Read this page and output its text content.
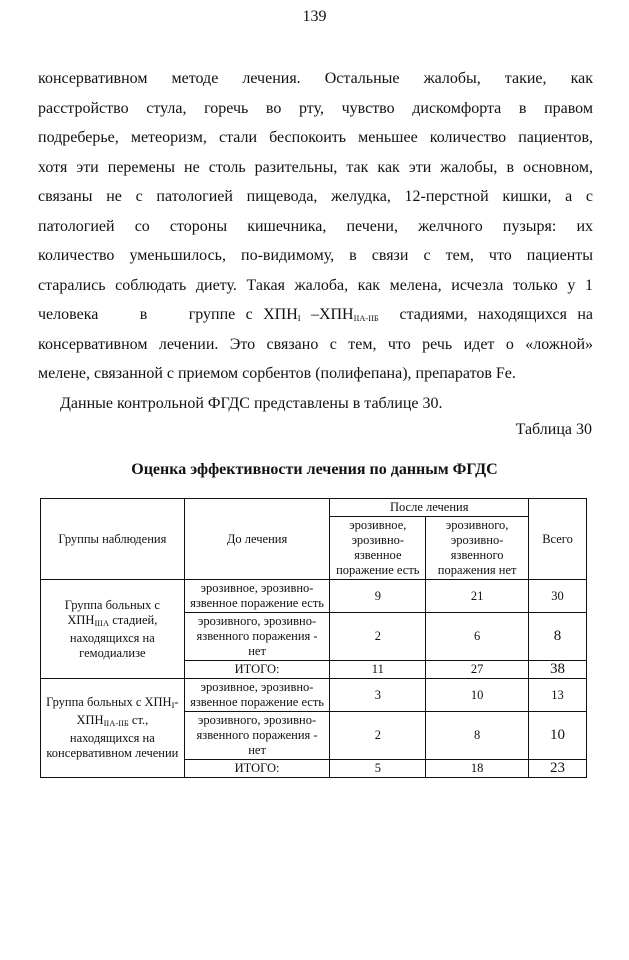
139
консервативном методе лечения. Остальные жалобы, такие, как
расстройство стула, горечь во рту, чувство дискомфорта в правом
подреберье, метеоризм, стали беспокоить меньшее количество пациентов,
хотя эти перемены не столь разительны, так как эти жалобы, в основном,
связаны не с патологией пищевода, желудка, 12-перстной кишки, а с
патологией со стороны кишечника, печени, желчного пузыря: их
количество уменьшилось, по-видимому, в связи с тем, что пациенты
старались соблюдать диету. Такая жалоба, как мелена, исчезла только у 1
человека    в    группе с $ХПН_I$ $-ХПН_{IIA-IIБ}$  стадиями, находящихся на
консервативном лечении. Это связано с тем, что речь идет о «ложной»
мелене, связанной с приемом сорбентов (полифепана), препаратов Fe.
Данные контрольной ФГДС представлены в таблице 30.
Таблица 30
Оценка эффективности лечения по данным ФГДС
Группы наблюдения	До лечения	После лечения		Всего
		эрозивное, эрозивно-язвенное поражение есть	эрозивного, эрозивно-язвенного поражения нет	
Группа больных с $ХПН_{IIIA}$ стадией, находящихся на гемодиализе	эрозивное, эрозивно-язвенное поражение есть	9	21	30
	эрозивного, эрозивно-язвенного поражения - нет	2	6	8
	ИТОГО:	11	27	38
Группа больных с $ХПН_I-ХПН_{IIA-IIБ}$ ст., находящихся на консервативном лечении	эрозивное, эрозивно-язвенное поражение есть	3	10	13
	эрозивного, эрозивно-язвенного поражения - нет	2	8	10
	ИТОГО:	5	18	23
